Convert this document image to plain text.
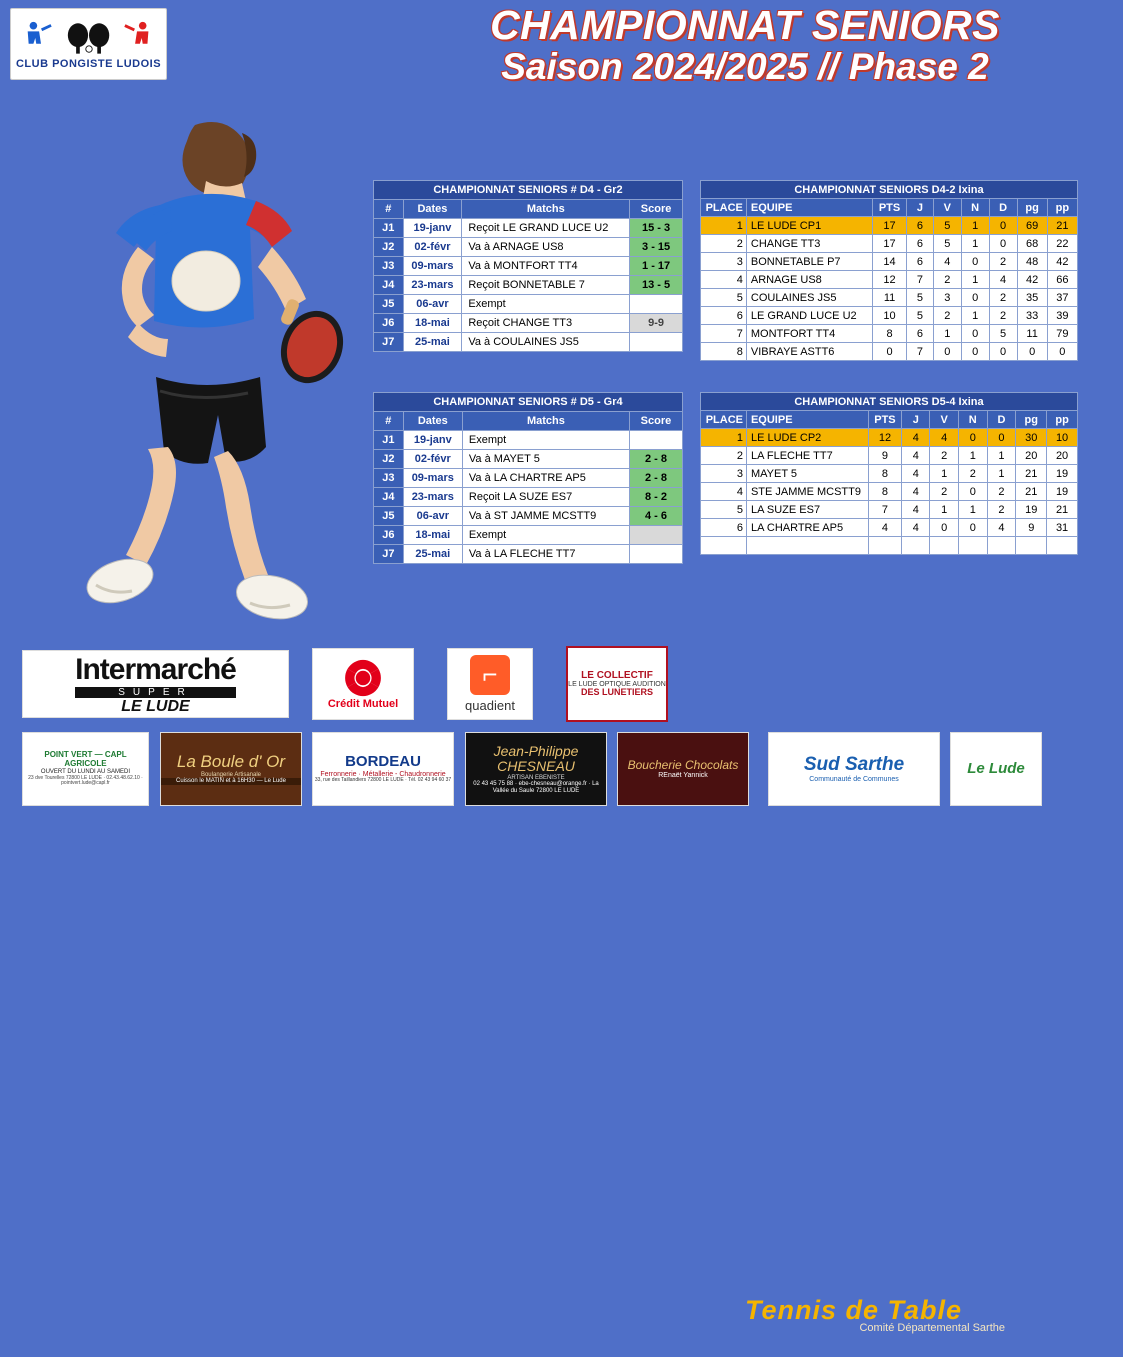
CLUB PONGISTE LUDOIS
CHAMPIONNAT SENIORS
Saison 2024/2025 // Phase 2
CHAMPIONNAT SENIORS # D4 - Gr2			
#	Dates	Matchs	Score
J1	19-janv	Reçoit LE GRAND LUCE U2	15 - 3
J2	02-févr	Va à ARNAGE US8	3 - 15
J3	09-mars	Va à MONTFORT TT4	1 - 17
J4	23-mars	Reçoit BONNETABLE 7	13 - 5
J5	06-avr	Exempt	
J6	18-mai	Reçoit CHANGE TT3	9-9
J7	25-mai	Va à COULAINES JS5	
CHAMPIONNAT SENIORS D4-2 Ixina								
PLACE	EQUIPE	PTS	J	V	N	D	pg	pp
1	LE LUDE CP1	17	6	5	1	0	69	21
2	CHANGE TT3	17	6	5	1	0	68	22
3	BONNETABLE P7	14	6	4	0	2	48	42
4	ARNAGE US8	12	7	2	1	4	42	66
5	COULAINES JS5	11	5	3	0	2	35	37
6	LE GRAND LUCE U2	10	5	2	1	2	33	39
7	MONTFORT TT4	8	6	1	0	5	11	79
8	VIBRAYE ASTT6	0	7	0	0	0	0	0
CHAMPIONNAT SENIORS # D5 - Gr4			
#	Dates	Matchs	Score
J1	19-janv	Exempt	
J2	02-févr	Va à MAYET 5	2 - 8
J3	09-mars	Va à LA CHARTRE AP5	2 - 8
J4	23-mars	Reçoit LA SUZE ES7	8 - 2
J5	06-avr	Va à ST JAMME MCSTT9	4 - 6
J6	18-mai	Exempt	
J7	25-mai	Va à LA FLECHE TT7	
CHAMPIONNAT SENIORS D5-4 Ixina								
PLACE	EQUIPE	PTS	J	V	N	D	pg	pp
1	LE LUDE CP2	12	4	4	0	0	30	10
2	LA FLECHE TT7	9	4	2	1	1	20	20
3	MAYET 5	8	4	1	2	1	21	19
4	STE JAMME MCSTT9	8	4	2	0	2	21	19
5	LA SUZE ES7	7	4	1	1	2	19	21
6	LA CHARTRE AP5	4	4	0	0	4	9	31

Intermarché
SUPER
LE LUDE	Crédit Mutuel
⌐
quadient
LE COLLECTIF
LE LUDE OPTIQUE AUDITION
DES LUNETIERS
Tennis de Table
Comité Départemental Sarthe
POINT VERT — CAPL AGRICOLE
OUVERT DU LUNDI AU SAMEDI
23 dve Tourelles 72800 LE LUDE · 02.43.48.62.10 · pointvert.lude@capl.fr
La Boule d' Or
Boulangerie Artisanale
Cuisson le MATIN et à 16H30 — Le Lude
BORDEAU
Ferronnerie · Métallerie - Chaudronnerie
33, rue des Taillandiers 72800 LE LUDE · Tél. 02 43 94 60 37
Jean-Philippe CHESNEAU
ARTISAN EBENISTE
02 43 45 75 88 · ebe-chesneau@orange.fr · La Vallée du Saule 72800 LE LUDE
Boucherie Chocolats
REnaët Yannick
Sud Sarthe
Communauté de Communes
Le Lude
